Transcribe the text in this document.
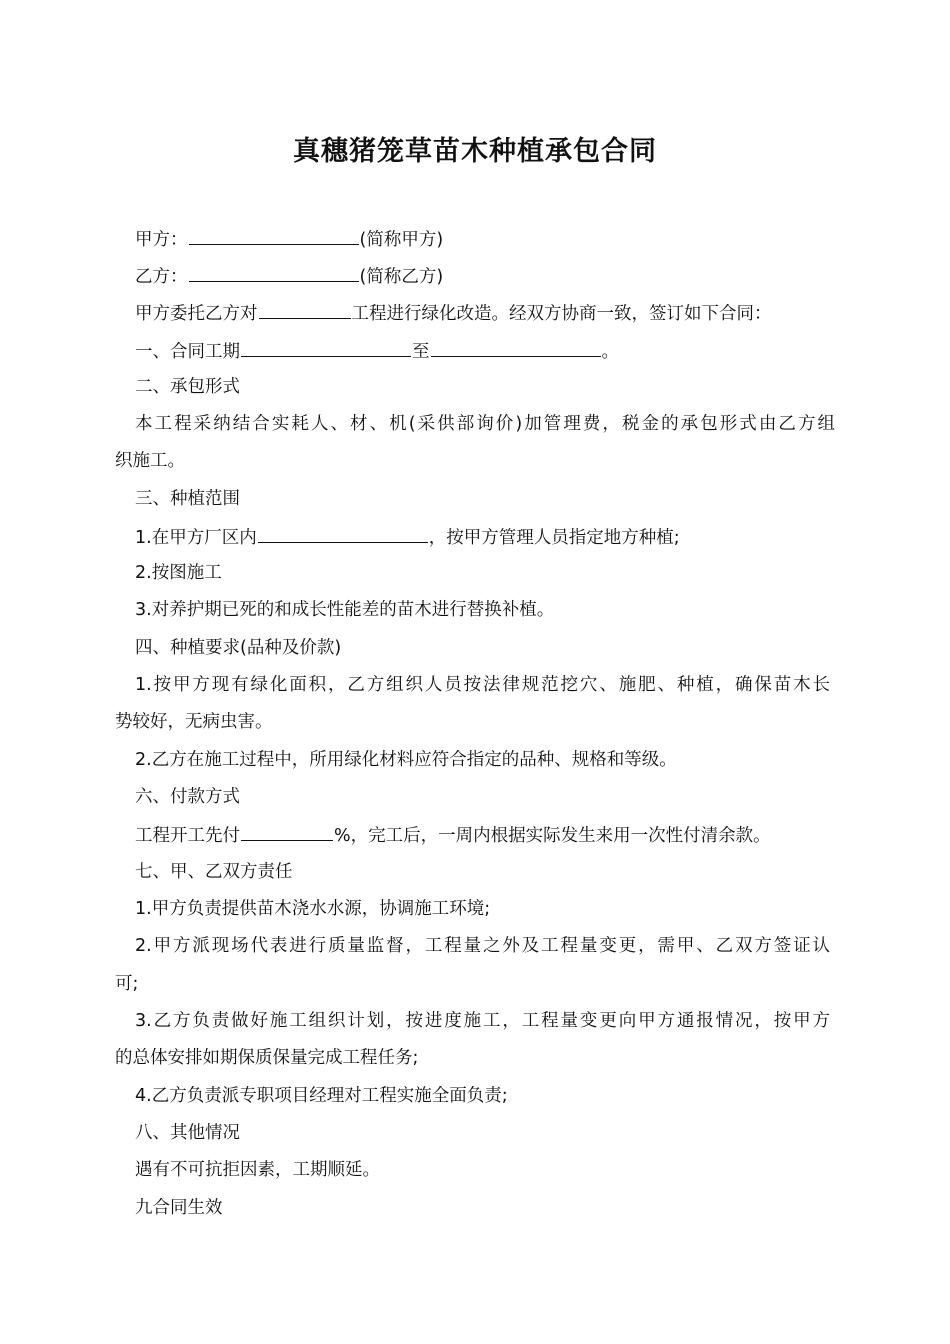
真穗猪笼草苗木种植承包合同
甲方：	(简称甲方)
乙方：	(简称乙方)
甲方委托乙方对	工程进行绿化改造。经双方协商一致，签订如下合同：
一、合同工期	至	。
二、承包形式
本工程采纳结合实耗人、材、机(采供部询价)加管理费，税金的承包形式由乙方组
织施工。
三、种植范围
1.在甲方厂区内	，按甲方管理人员指定地方种植;
2.按图施工
3.对养护期已死的和成长性能差的苗木进行替换补植。
四、种植要求(品种及价款)
1.按甲方现有绿化面积，乙方组织人员按法律规范挖穴、施肥、种植，确保苗木长
势较好，无病虫害。
2.乙方在施工过程中，所用绿化材料应符合指定的品种、规格和等级。
六、付款方式
工程开工先付	%，完工后，一周内根据实际发生来用一次性付清余款。
七、甲、乙双方责任
1.甲方负责提供苗木浇水水源，协调施工环境;
2.甲方派现场代表进行质量监督，工程量之外及工程量变更，需甲、乙双方签证认
可;
3.乙方负责做好施工组织计划，按进度施工，工程量变更向甲方通报情况，按甲方
的总体安排如期保质保量完成工程任务;
4.乙方负责派专职项目经理对工程实施全面负责;
八、其他情况
遇有不可抗拒因素，工期顺延。
九合同生效
